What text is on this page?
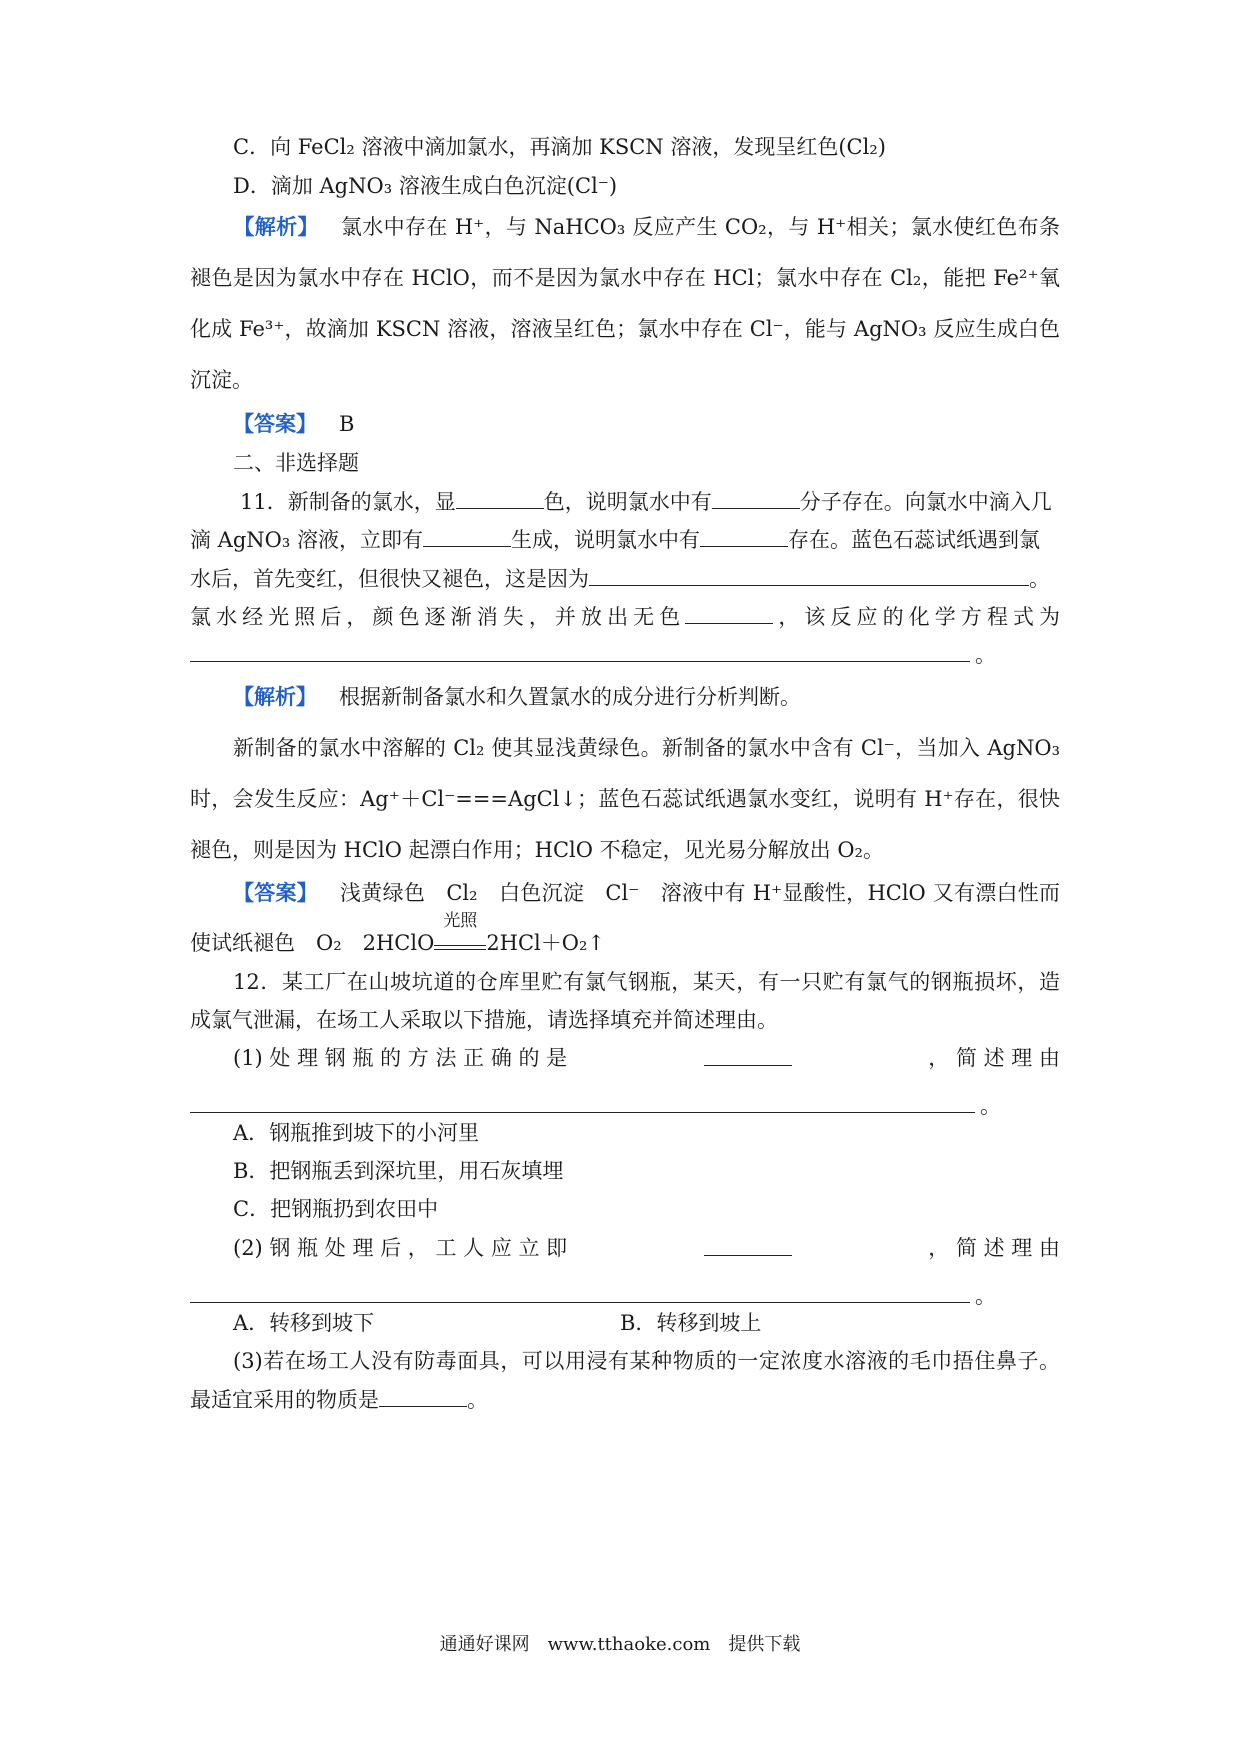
C．向 FeCl₂ 溶液中滴加氯水，再滴加 KSCN 溶液，发现呈红色(Cl₂)
D．滴加 AgNO₃ 溶液生成白色沉淀(Cl⁻)
【解析】 氯水中存在 H⁺，与 NaHCO₃ 反应产生 CO₂，与 H⁺相关；氯水使红色布条
褪色是因为氯水中存在 HClO，而不是因为氯水中存在 HCl；氯水中存在 Cl₂，能把 Fe²⁺氧
化成 Fe³⁺，故滴加 KSCN 溶液，溶液呈红色；氯水中存在 Cl⁻，能与 AgNO₃ 反应生成白色
沉淀。
【答案】 B
二、非选择题
11．新制备的氯水，显	色，说明氯水中有	分子存在。向氯水中滴入几
滴 AgNO₃ 溶液，立即有	生成，说明氯水中有	存在。蓝色石蕊试纸遇到氯
水后，首先变红，但很快又褪色，这是因为	。
氯水经光照后，颜色逐渐消失，并放出无色	，该反应的化学方程式为
。
【解析】 根据新制备氯水和久置氯水的成分进行分析判断。
新制备的氯水中溶解的 Cl₂ 使其显浅黄绿色。新制备的氯水中含有 Cl⁻，当加入 AgNO₃
时，会发生反应：Ag⁺＋Cl⁻===AgCl↓；蓝色石蕊试纸遇氯水变红，说明有 H⁺存在，很快
褪色，则是因为 HClO 起漂白作用；HClO 不稳定，见光易分解放出 O₂。
【答案】 浅黄绿色　Cl₂　白色沉淀　Cl⁻　溶液中有 H⁺显酸性，HClO 又有漂白性而
使试纸褪色　O₂　2HClO
光照
2HCl＋O₂↑
12．某工厂在山坡坑道的仓库里贮有氯气钢瓶，某天，有一只贮有氯气的钢瓶损坏，造
成氯气泄漏，在场工人采取以下措施，请选择填充并简述理由。
(1) 处 理 钢 瓶 的 方 法 正 确 的 是	， 简 述 理 由
。
A．钢瓶推到坡下的小河里
B．把钢瓶丢到深坑里，用石灰填埋
C．把钢瓶扔到农田中
(2) 钢 瓶 处 理 后 ， 工 人 应 立 即	， 简 述 理 由
。
A．转移到坡下	B．转移到坡上
(3)若在场工人没有防毒面具，可以用浸有某种物质的一定浓度水溶液的毛巾捂住鼻子。
最适宜采用的物质是	。
通通好课网　www.tthaoke.com　提供下载
